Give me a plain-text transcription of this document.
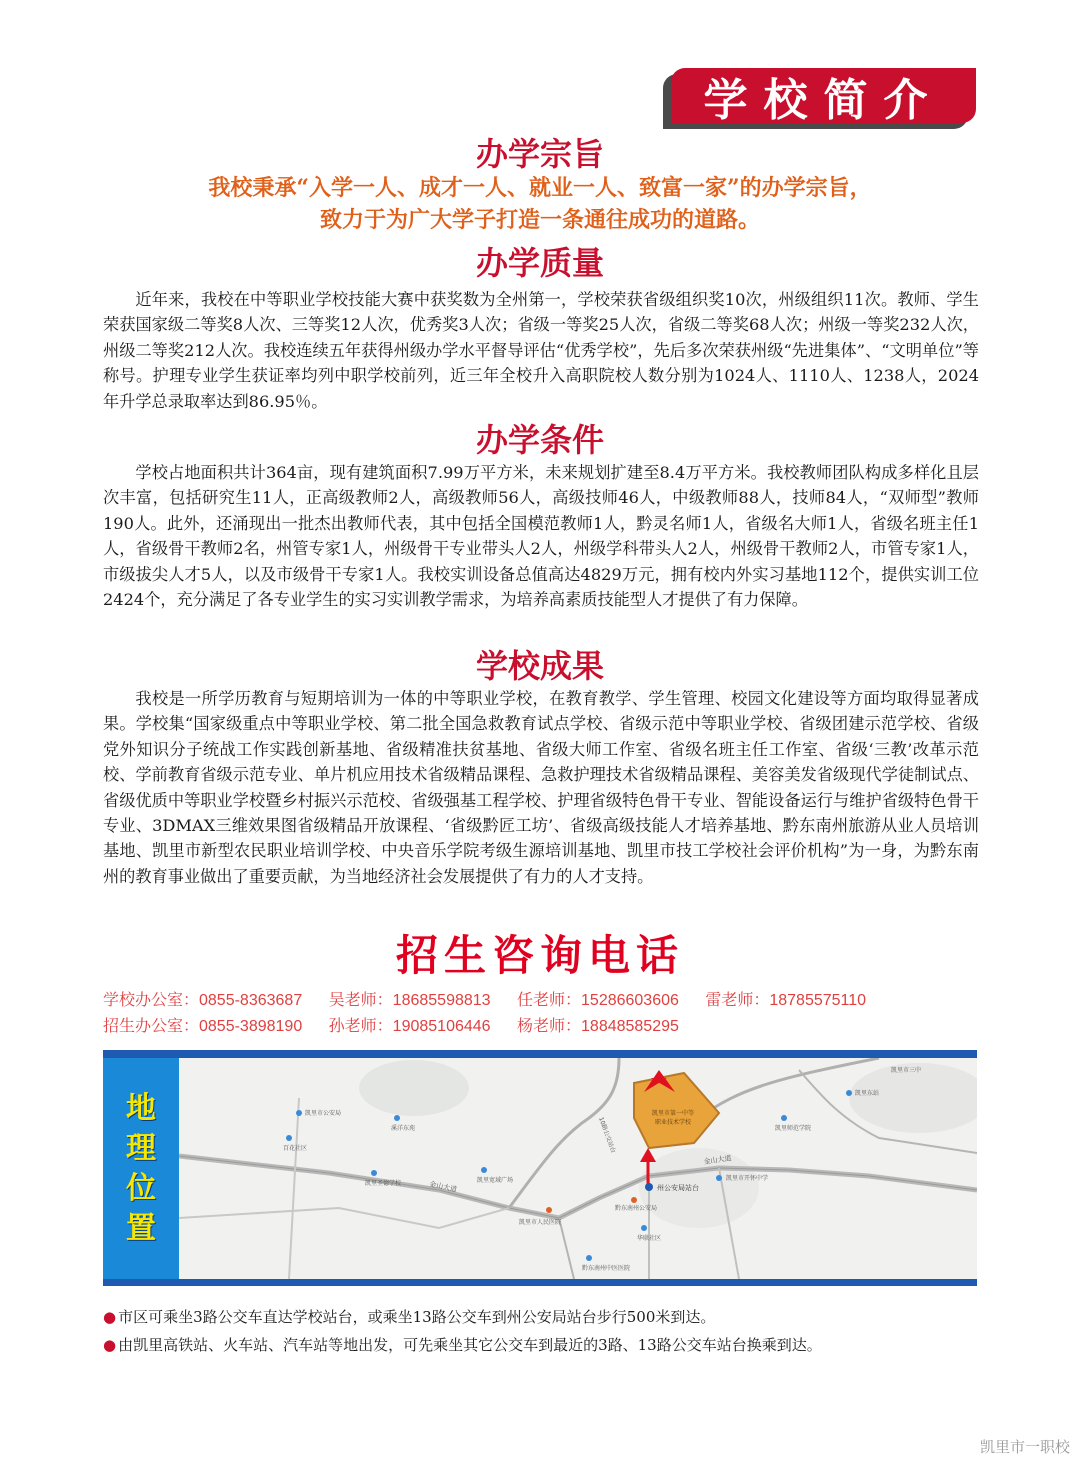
学校简介
办学宗旨
我校秉承“入学一人、成才一人、就业一人、致富一家”的办学宗旨，
致力于为广大学子打造一条通往成功的道路。
办学质量

近年来，我校在中等职业学校技能大赛中获奖数为全州第一，学校荣获省级组织奖10次，州级组织11次。教师、学生荣获国家级二等奖8人次、三等奖12人次，优秀奖3人次；省级一等奖25人次，省级二等奖68人次；州级一等奖232人次，州级二等奖212人次。我校连续五年获得州级办学水平督导评估“优秀学校”，先后多次荣获州级“先进集体”、“文明单位”等称号。护理专业学生获证率均列中职学校前列，近三年全校升入高职院校人数分别为1024人、1110人、1238人，2024年升学总录取率达到86.95％。

办学条件

学校占地面积共计364亩，现有建筑面积7.99万平方米，未来规划扩建至8.4万平方米。我校教师团队构成多样化且层次丰富，包括研究生11人，正高级教师2人，高级教师56人，高级技师46人，中级教师88人，技师84人，“双师型”教师190人。此外，还涌现出一批杰出教师代表，其中包括全国模范教师1人，黔灵名师1人，省级名大师1人，省级名班主任1人，省级骨干教师2名，州管专家1人，州级骨干专业带头人2人，州级学科带头人2人，州级骨干教师2人，市管专家1人，市级拔尖人才5人，以及市级骨干专家1人。我校实训设备总值高达4829万元，拥有校内外实习基地112个，提供实训工位2424个，充分满足了各专业学生的实习实训教学需求，为培养高素质技能型人才提供了有力保障。

学校成果

我校是一所学历教育与短期培训为一体的中等职业学校，在教育教学、学生管理、校园文化建设等方面均取得显著成果。学校集“国家级重点中等职业学校、第二批全国急救教育试点学校、省级示范中等职业学校、省级团建示范学校、省级党外知识分子统战工作实践创新基地、省级精准扶贫基地、省级大师工作室、省级名班主任工作室、省级‘三教’改革示范校、学前教育省级示范专业、单片机应用技术省级精品课程、急救护理技术省级精品课程、美容美发省级现代学徒制试点、省级优质中等职业学校暨乡村振兴示范校、省级强基工程学校、护理省级特色骨干专业、智能设备运行与维护省级特色骨干专业、3DMAX三维效果图省级精品开放课程、‘省级黔匠工坊’、省级高级技能人才培养基地、黔东南州旅游从业人员培训基地、凯里市新型农民职业培训学校、中央音乐学院考级生源培训基地、凯里市技工学校社会评价机构”为一身，为黔东南州的教育事业做出了重要贡献，为当地经济社会发展提供了有力的人才支持。

招生咨询电话
学校办公室：0855-8363687 吴老师：18685598813 任老师：15286603606 雷老师：18785575110
招生办公室：0855-3898190 孙老师：19085106446 杨老师：18848585295
地
理
位
置
凯里市第一中等
职业技术学校
州公安局站台
金山大道
金山大道
10路公交站台
凯里市公安局
溪洋东苑
百花社区
凯里宽域广场
凯里圣德学校
凯里市人民医院
凯里东站
凯里市三中
凯里师范学院
黔东南州公安局
凯里市开怀中学
华联社区
黔东南州中医医院
● 市区可乘坐3路公交车直达学校站台，或乘坐13路公交车到州公安局站台步行500米到达。
● 由凯里高铁站、火车站、汽车站等地出发，可先乘坐其它公交车到最近的3路、13路公交车站台换乘到达。
凯里市一职校
